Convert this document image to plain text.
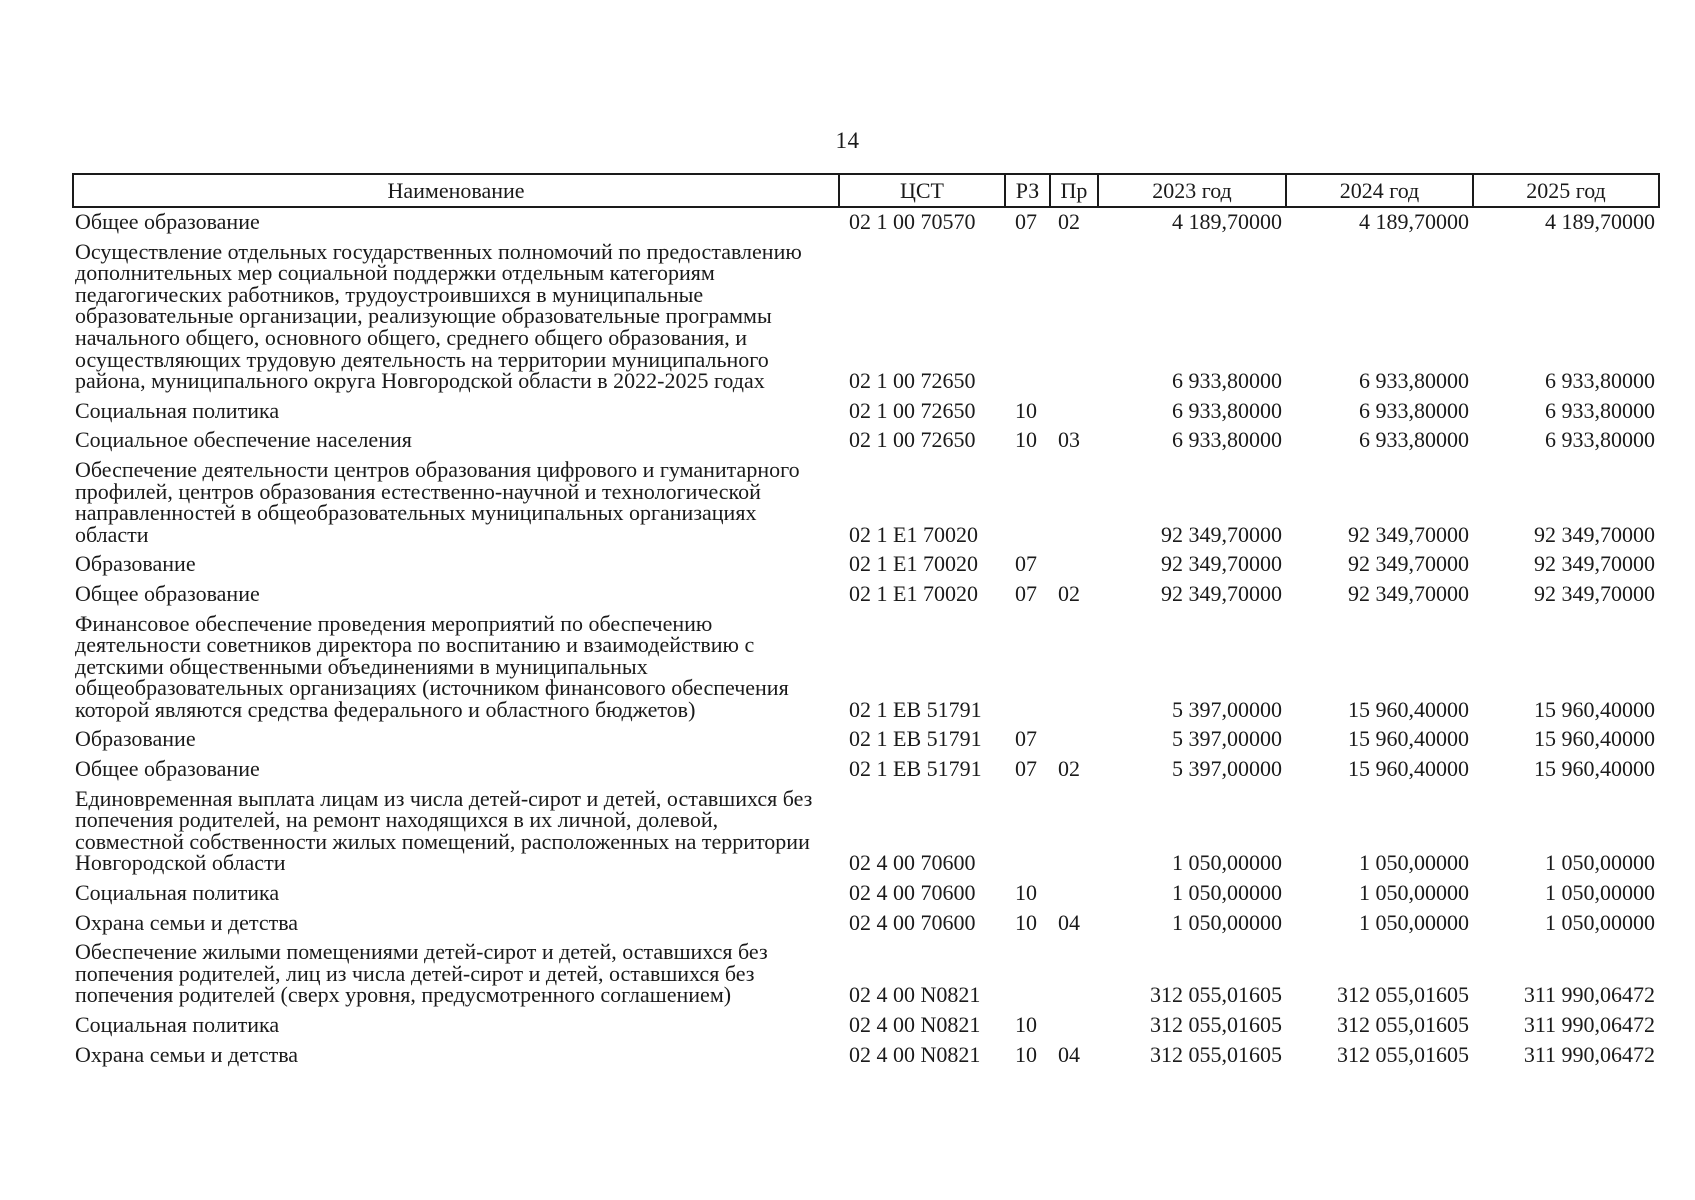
14
Наименование	ЦСТ	РЗ	Пр	2023 год	2024 год	2025 год
Общее образование	02 1 00 70570	07	02	4 189,70000	4 189,70000	4 189,70000
Осуществление отдельных государственных полномочий по предоставлению дополнительных мер социальной поддержки отдельным категориям педагогических работников, трудоустроившихся в муниципальные образовательные организации, реализующие образовательные программы начального общего, основного общего, среднего общего образования, и осуществляющих трудовую деятельность на территории муниципального района, муниципального округа Новгородской области в 2022-2025 годах	02 1 00 72650			6 933,80000	6 933,80000	6 933,80000
Социальная политика	02 1 00 72650	10		6 933,80000	6 933,80000	6 933,80000
Социальное обеспечение населения	02 1 00 72650	10	03	6 933,80000	6 933,80000	6 933,80000
Обеспечение деятельности центров образования цифрового и гуманитарного профилей, центров образования естественно-научной и технологической направленностей в общеобразовательных муниципальных организациях области	02 1 E1 70020			92 349,70000	92 349,70000	92 349,70000
Образование	02 1 E1 70020	07		92 349,70000	92 349,70000	92 349,70000
Общее образование	02 1 E1 70020	07	02	92 349,70000	92 349,70000	92 349,70000
Финансовое обеспечение проведения мероприятий по обеспечению деятельности советников директора по воспитанию и взаимодействию с детскими общественными объединениями в муниципальных общеобразовательных организациях (источником финансового обеспечения которой являются средства федерального и областного бюджетов)	02 1 EB 51791			5 397,00000	15 960,40000	15 960,40000
Образование	02 1 EB 51791	07		5 397,00000	15 960,40000	15 960,40000
Общее образование	02 1 EB 51791	07	02	5 397,00000	15 960,40000	15 960,40000
Единовременная выплата лицам из числа детей-сирот и детей, оставшихся без попечения родителей, на ремонт находящихся в их личной, долевой, совместной собственности жилых помещений, расположенных на территории Новгородской области	02 4 00 70600			1 050,00000	1 050,00000	1 050,00000
Социальная политика	02 4 00 70600	10		1 050,00000	1 050,00000	1 050,00000
Охрана семьи и детства	02 4 00 70600	10	04	1 050,00000	1 050,00000	1 050,00000
Обеспечение жилыми помещениями детей-сирот и детей, оставшихся без попечения родителей, лиц из числа детей-сирот и детей, оставшихся без попечения родителей (сверх уровня, предусмотренного соглашением)	02 4 00 N0821			312 055,01605	312 055,01605	311 990,06472
Социальная политика	02 4 00 N0821	10		312 055,01605	312 055,01605	311 990,06472
Охрана семьи и детства	02 4 00 N0821	10	04	312 055,01605	312 055,01605	311 990,06472
